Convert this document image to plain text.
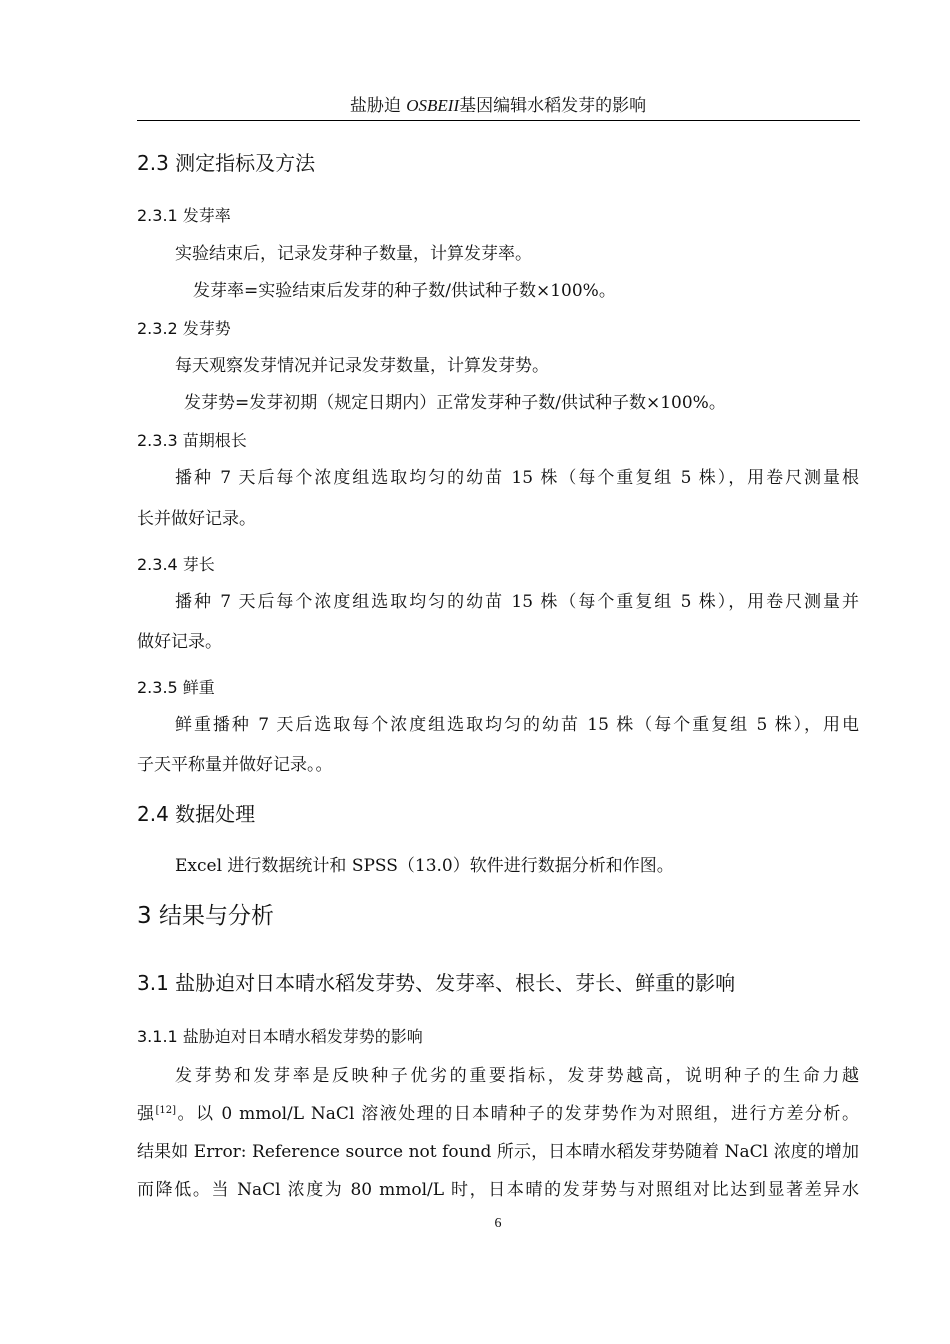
盐胁迫 OSBEII基因编辑水稻发芽的影响
2.3 测定指标及方法
2.3.1 发芽率
实验结束后，记录发芽种子数量，计算发芽率。
发芽率=实验结束后发芽的种子数/供试种子数×100%。
2.3.2 发芽势
每天观察发芽情况并记录发芽数量，计算发芽势。
发芽势=发芽初期（规定日期内）正常发芽种子数/供试种子数×100%。
2.3.3 苗期根长
播种 7 天后每个浓度组选取均匀的幼苗 15 株（每个重复组 5 株），用卷尺测量根
长并做好记录。
2.3.4 芽长
播种 7 天后每个浓度组选取均匀的幼苗 15 株（每个重复组 5 株），用卷尺测量并
做好记录。
2.3.5 鲜重
鲜重播种 7 天后选取每个浓度组选取均匀的幼苗 15 株（每个重复组 5 株），用电
子天平称量并做好记录。。
2.4 数据处理
Excel 进行数据统计和 SPSS（13.0）软件进行数据分析和作图。
3 结果与分析
3.1 盐胁迫对日本晴水稻发芽势、发芽率、根长、芽长、鲜重的影响
3.1.1 盐胁迫对日本晴水稻发芽势的影响
发芽势和发芽率是反映种子优劣的重要指标，发芽势越高，说明种子的生命力越
强[12]。以 0 mmol/L NaCl 溶液处理的日本晴种子的发芽势作为对照组，进行方差分析。
结果如 Error: Reference source not found 所示，日本晴水稻发芽势随着 NaCl 浓度的增加
而降低。当 NaCl 浓度为 80 mmol/L 时，日本晴的发芽势与对照组对比达到显著差异水
6
